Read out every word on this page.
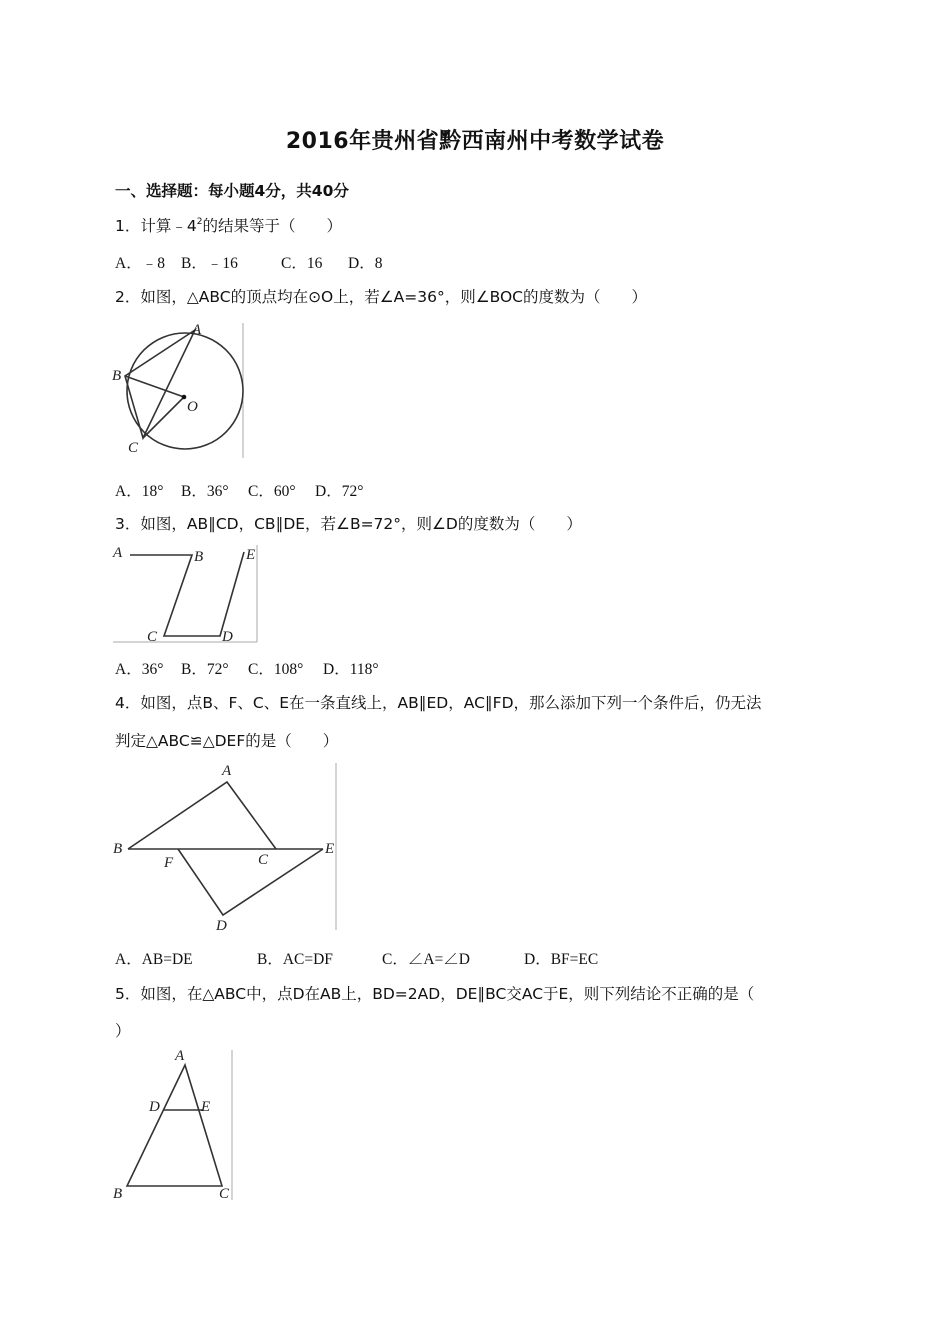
2016年贵州省黔西南州中考数学试卷
一、选择题：每小题4分，共40分
1．计算$﹣4^2$的结果等于（　　）
A．﹣8 B．﹣16	C．16 D．8
2．如图，△ABC的顶点均在⊙O上，若∠A=36°，则∠BOC的度数为（　　）
A
B
O
C
A．18° B．36° C．60° D．72°
3．如图，AB∥CD，CB∥DE，若∠B=72°，则∠D的度数为（　　）
A	B	E
C	D
A．36° B．72° C．108° D．118°
4．如图，点B、F、C、E在一条直线上，AB∥ED，AC∥FD，那么添加下列一个条件后，仍无法
判定△ABC≌△DEF的是（　　）
A
B
F	C
E
D
A．AB=DE	B．AC=DF	C．∠A=∠D	D．BF=EC
5．如图，在△ABC中，点D在AB上，BD=2AD，DE∥BC交AC于E，则下列结论不正确的是（
）
A
D	E
B	C
